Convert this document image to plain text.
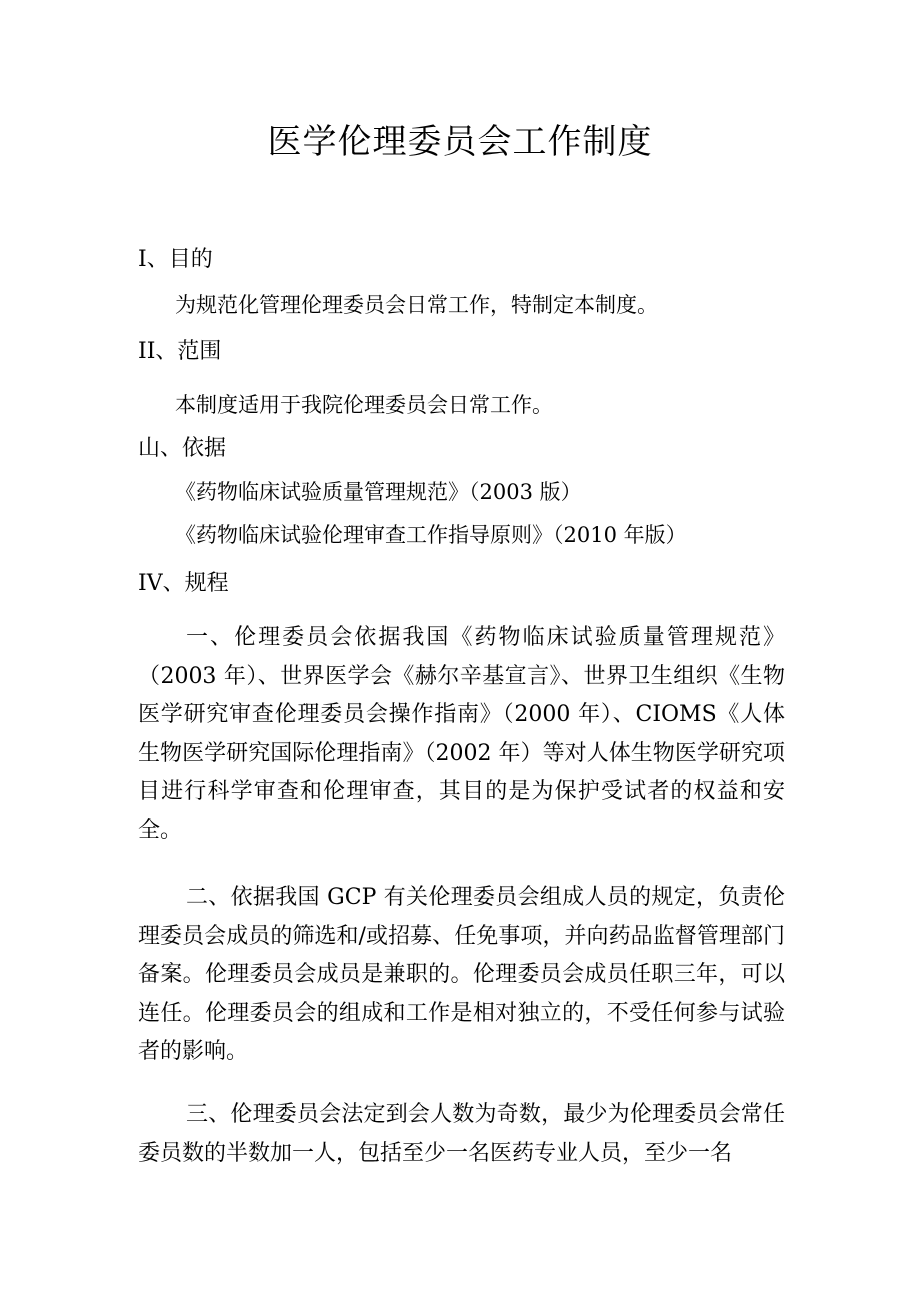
医学伦理委员会工作制度
I、目的
为规范化管理伦理委员会日常工作，特制定本制度。
II、范围
本制度适用于我院伦理委员会日常工作。
山、依据
《药物临床试验质量管理规范》（2003 版）
《药物临床试验伦理审查工作指导原则》（2010 年版）
IV、规程
一、伦理委员会依据我国《药物临床试验质量管理规范》（2003 年）、世界医学会《赫尔辛基宣言》、世界卫生组织《生物医学研究审查伦理委员会操作指南》（2000 年）、CIOMS《人体生物医学研究国际伦理指南》（2002 年）等对人体生物医学研究项目进行科学审查和伦理审查，其目的是为保护受试者的权益和安全。
二、依据我国 GCP 有关伦理委员会组成人员的规定，负责伦理委员会成员的筛选和/或招募、任免事项，并向药品监督管理部门备案。伦理委员会成员是兼职的。伦理委员会成员任职三年，可以连任。伦理委员会的组成和工作是相对独立的，不受任何参与试验者的影响。
三、伦理委员会法定到会人数为奇数，最少为伦理委员会常任委员数的半数加一人，包括至少一名医药专业人员，至少一名
